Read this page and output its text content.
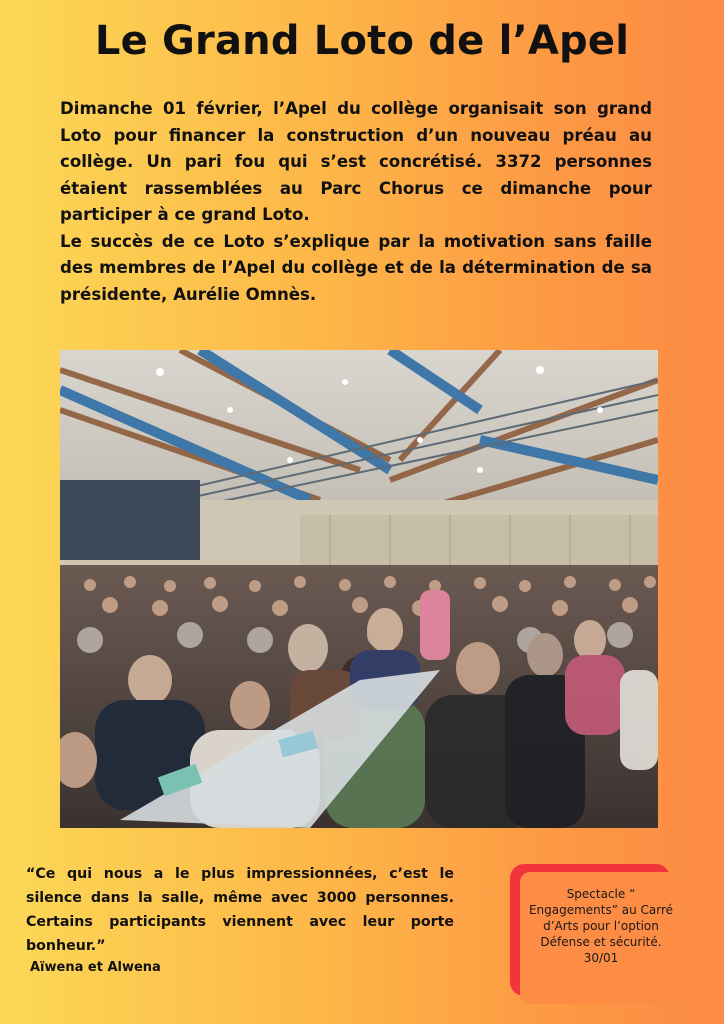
Le Grand Loto de l’Apel

Dimanche 01 février, l’Apel du collège organisait son grand Loto pour financer la construction d’un nouveau préau au collège. Un pari fou qui s’est concrétisé. 3372 personnes étaient rassemblées au Parc Chorus ce dimanche pour participer à ce grand Loto.

Le succès de ce Loto s’explique par la motivation sans faille des membres de l’Apel du collège et de la détermination de sa présidente, Aurélie Omnès.

“Ce qui nous a le plus impressionnées, c’est le silence dans la salle, même avec 3000 personnes. Certains participants viennent avec leur porte bonheur.”

Aïwena et Alwena
Spectacle “
Engagements” au Carré
d’Arts pour l’option
Défense et sécurité.
30/01
